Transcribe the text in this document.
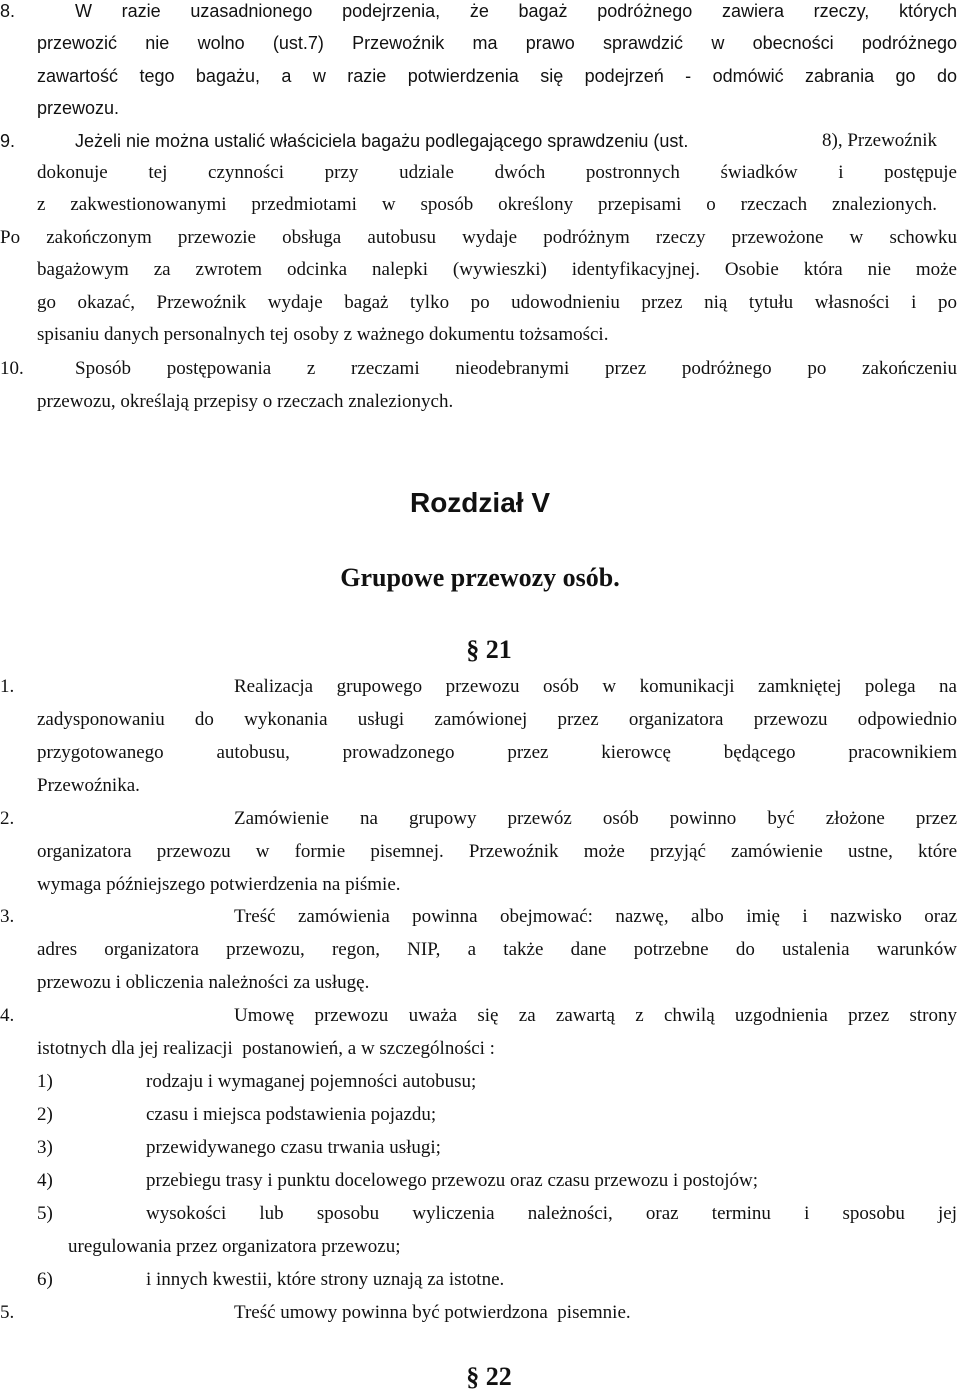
8.	W razie uzasadnionego podejrzenia, że bagaż podróżnego zawiera rzeczy, których
przewozić nie wolno (ust.7) Przewoźnik ma prawo sprawdzić w obecności podróżnego
zawartość tego bagażu, a w razie potwierdzenia się podejrzeń - odmówić zabrania go do
przewozu.
9.	Jeżeli nie można ustalić właściciela bagażu podlegającego sprawdzeniu (ust.	8), Przewoźnik
dokonuje tej czynności przy udziale dwóch postronnych świadków i postępuje
z zakwestionowanymi przedmiotami w sposób określony przepisami o rzeczach znalezionych.
Po zakończonym przewozie obsługa autobusu wydaje podróżnym rzeczy przewożone w schowku
bagażowym za zwrotem odcinka nalepki (wywieszki) identyfikacyjnej. Osobie która nie może
go okazać, Przewoźnik wydaje bagaż tylko po udowodnieniu przez nią tytułu własności i po
spisaniu danych personalnych tej osoby z ważnego dokumentu tożsamości.
10.	Sposób postępowania z rzeczami nieodebranymi przez podróżnego po zakończeniu
przewozu, określają przepisy o rzeczach znalezionych.
Rozdział V
Grupowe przewozy osób.
§ 21
1.	Realizacja grupowego przewozu osób w komunikacji zamkniętej polega na
zadysponowaniu do wykonania usługi zamówionej przez organizatora przewozu odpowiednio
przygotowanego autobusu, prowadzonego przez kierowcę będącego pracownikiem
Przewoźnika.
2.	Zamówienie na grupowy przewóz osób powinno być złożone przez
organizatora przewozu w formie pisemnej. Przewoźnik może przyjąć zamówienie ustne, które
wymaga późniejszego potwierdzenia na piśmie.
3.	Treść zamówienia powinna obejmować: nazwę, albo imię i nazwisko oraz
adres organizatora przewozu, regon, NIP, a także dane potrzebne do ustalenia warunków
przewozu i obliczenia należności za usługę.
4.	Umowę przewozu uważa się za zawartą z chwilą uzgodnienia przez strony
istotnych dla jej realizacji  postanowień, a w szczególności :
1)	rodzaju i wymaganej pojemności autobusu;
2)	czasu i miejsca podstawienia pojazdu;
3)	przewidywanego czasu trwania usługi;
4)	przebiegu trasy i punktu docelowego przewozu oraz czasu przewozu i postojów;
5)	wysokości lub sposobu wyliczenia należności, oraz terminu i sposobu jej
uregulowania przez organizatora przewozu;
6)	i innych kwestii, które strony uznają za istotne.
5.	Treść umowy powinna być potwierdzona  pisemnie.
§ 22
